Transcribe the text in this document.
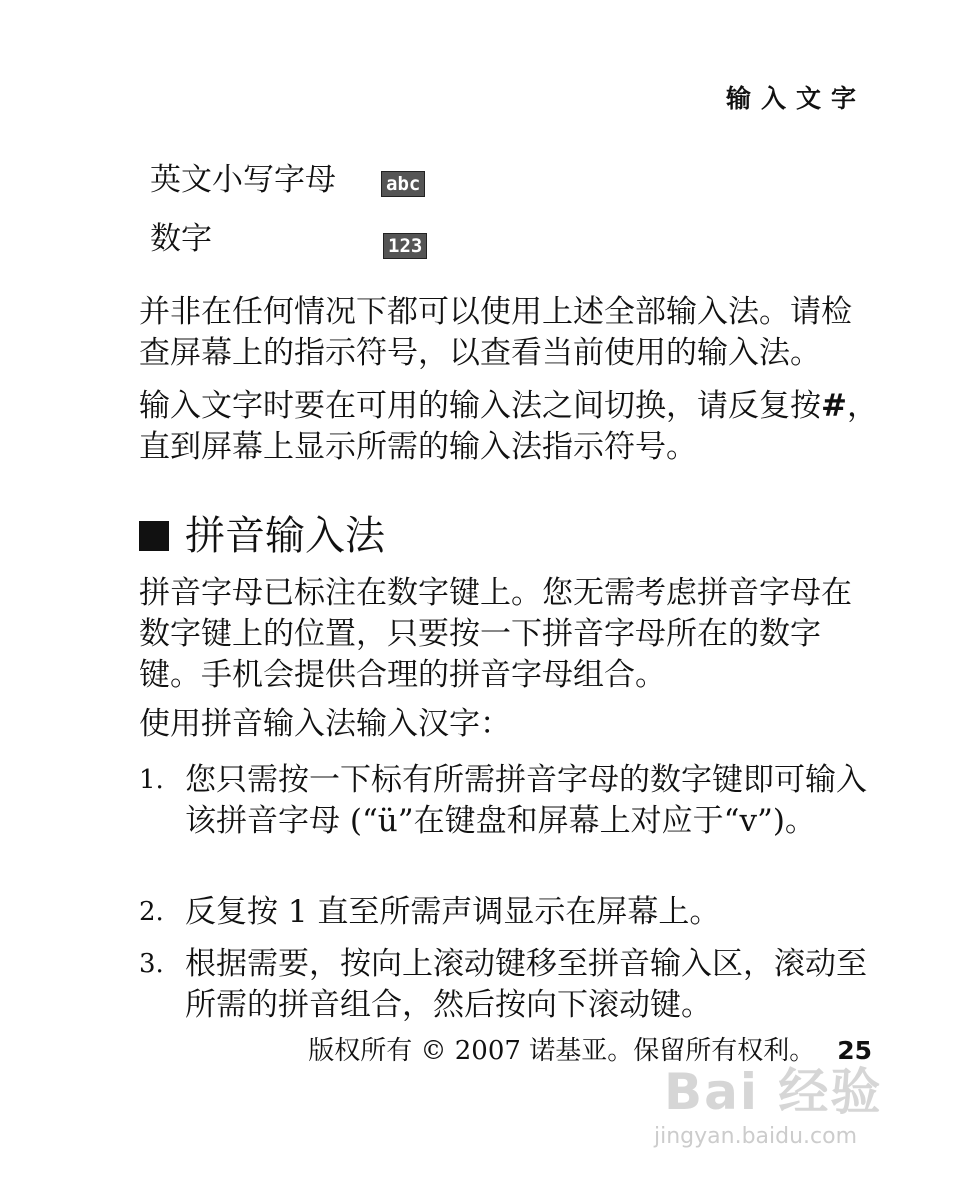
输入文字
英文小写字母	abc
数字	123
并非在任何情况下都可以使用上述全部输入法。请检查屏幕上的指示符号，以查看当前使用的输入法。
输入文字时要在可用的输入法之间切换，请反复按#，直到屏幕上显示所需的输入法指示符号。
拼音输入法
拼音字母已标注在数字键上。您无需考虑拼音字母在数字键上的位置，只要按一下拼音字母所在的数字键。手机会提供合理的拼音字母组合。
使用拼音输入法输入汉字：
1. 您只需按一下标有所需拼音字母的数字键即可输入该拼音字母 (“ü”在键盘和屏幕上对应于“v”)。
2. 反复按 1 直至所需声调显示在屏幕上。
3. 根据需要，按向上滚动键移至拼音输入区，滚动至所需的拼音组合，然后按向下滚动键。
版权所有 © 2007 诺基亚。保留所有权利。 25
Bai 经验
jingyan.baidu.com
